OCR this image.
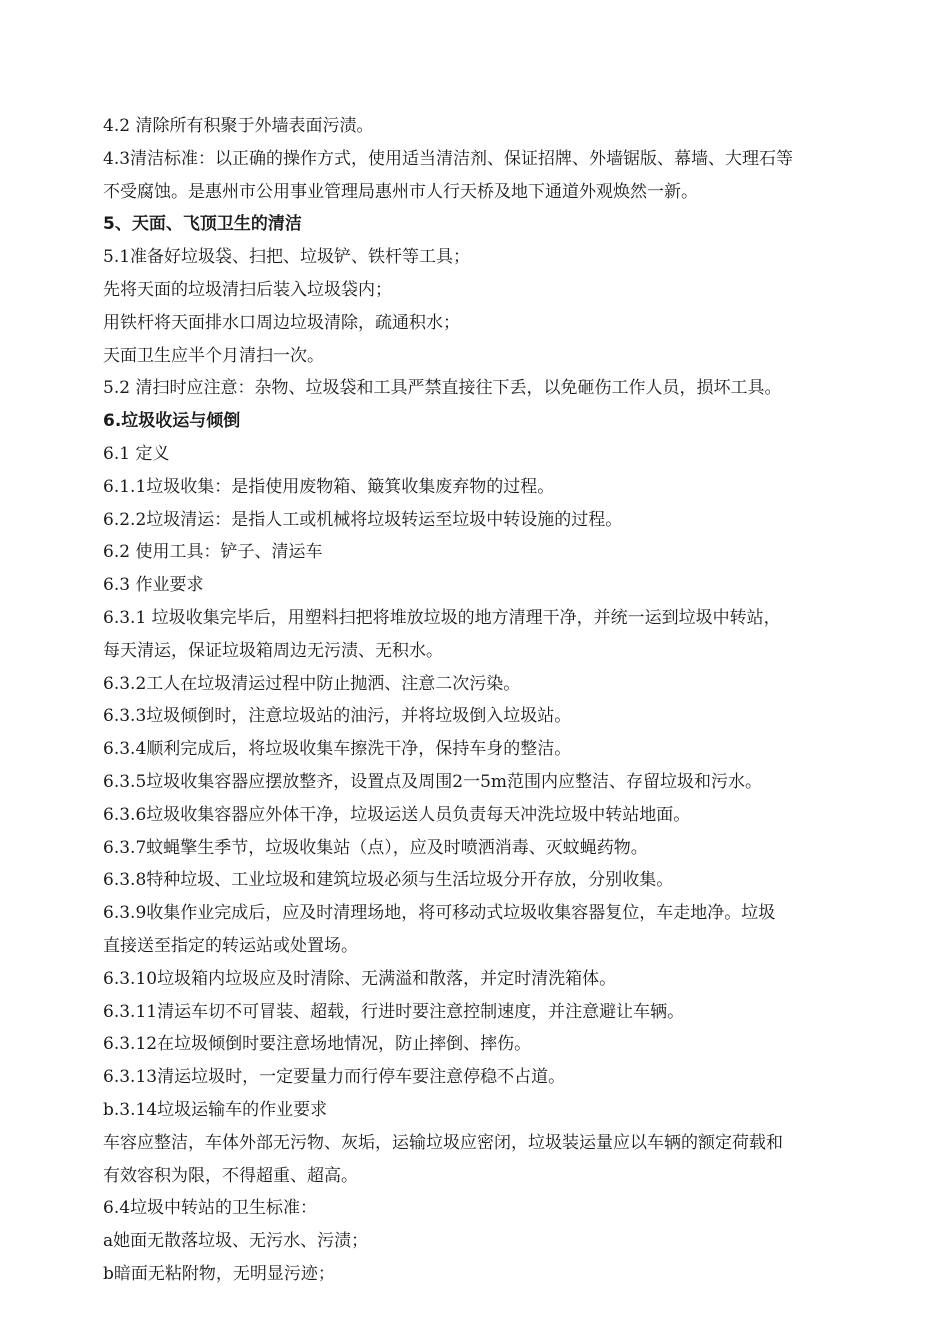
4.2 清除所有积聚于外墙表面污渍。
4.3清洁标准：以正确的操作方式，使用适当清洁剂、保证招牌、外墙锯版、幕墙、大理石等
不受腐蚀。是惠州市公用事业管理局惠州市人行天桥及地下通道外观焕然一新。
5、天面、飞顶卫生的清洁
5.1准备好垃圾袋、扫把、垃圾铲、铁杆等工具；
先将天面的垃圾清扫后装入垃圾袋内；
用铁杆将天面排水口周边垃圾清除，疏通积水；
天面卫生应半个月清扫一次。
5.2 清扫时应注意：杂物、垃圾袋和工具严禁直接往下丢，以免砸伤工作人员，损坏工具。
6.垃圾收运与倾倒
6.1 定义
6.1.1垃圾收集：是指使用废物箱、簸箕收集废弃物的过程。
6.2.2垃圾清运：是指人工或机械将垃圾转运至垃圾中转设施的过程。
6.2 使用工具：铲子、清运车
6.3 作业要求
6.3.1 垃圾收集完毕后，用塑料扫把将堆放垃圾的地方清理干净，并统一运到垃圾中转站，
每天清运，保证垃圾箱周边无污渍、无积水。
6.3.2工人在垃圾清运过程中防止抛洒、注意二次污染。
6.3.3垃圾倾倒时，注意垃圾站的油污，并将垃圾倒入垃圾站。
6.3.4顺利完成后，将垃圾收集车擦洗干净，保持车身的整洁。
6.3.5垃圾收集容器应摆放整齐，设置点及周围2一5m范围内应整洁、存留垃圾和污水。
6.3.6垃圾收集容器应外体干净，垃圾运送人员负责每天冲洗垃圾中转站地面。
6.3.7蚊蝇擎生季节，垃圾收集站（点），应及时喷洒消毒、灭蚊蝇药物。
6.3.8特种垃圾、工业垃圾和建筑垃圾必须与生活垃圾分开存放，分别收集。
6.3.9收集作业完成后，应及时清理场地，将可移动式垃圾收集容器复位，车走地净。垃圾
直接送至指定的转运站或处置场。
6.3.10垃圾箱内垃圾应及时清除、无满溢和散落，并定时清洗箱体。
6.3.11清运车切不可冒装、超载，行进时要注意控制速度，并注意避让车辆。
6.3.12在垃圾倾倒时要注意场地情况，防止摔倒、摔伤。
6.3.13清运垃圾时，一定要量力而行停车要注意停稳不占道。
b.3.14垃圾运输车的作业要求
车容应整洁，车体外部无污物、灰垢，运输垃圾应密闭，垃圾装运量应以车辆的额定荷载和
有效容积为限，不得超重、超高。
6.4垃圾中转站的卫生标准：
a她面无散落垃圾、无污水、污渍；
b暗面无粘附物，无明显污迹；
